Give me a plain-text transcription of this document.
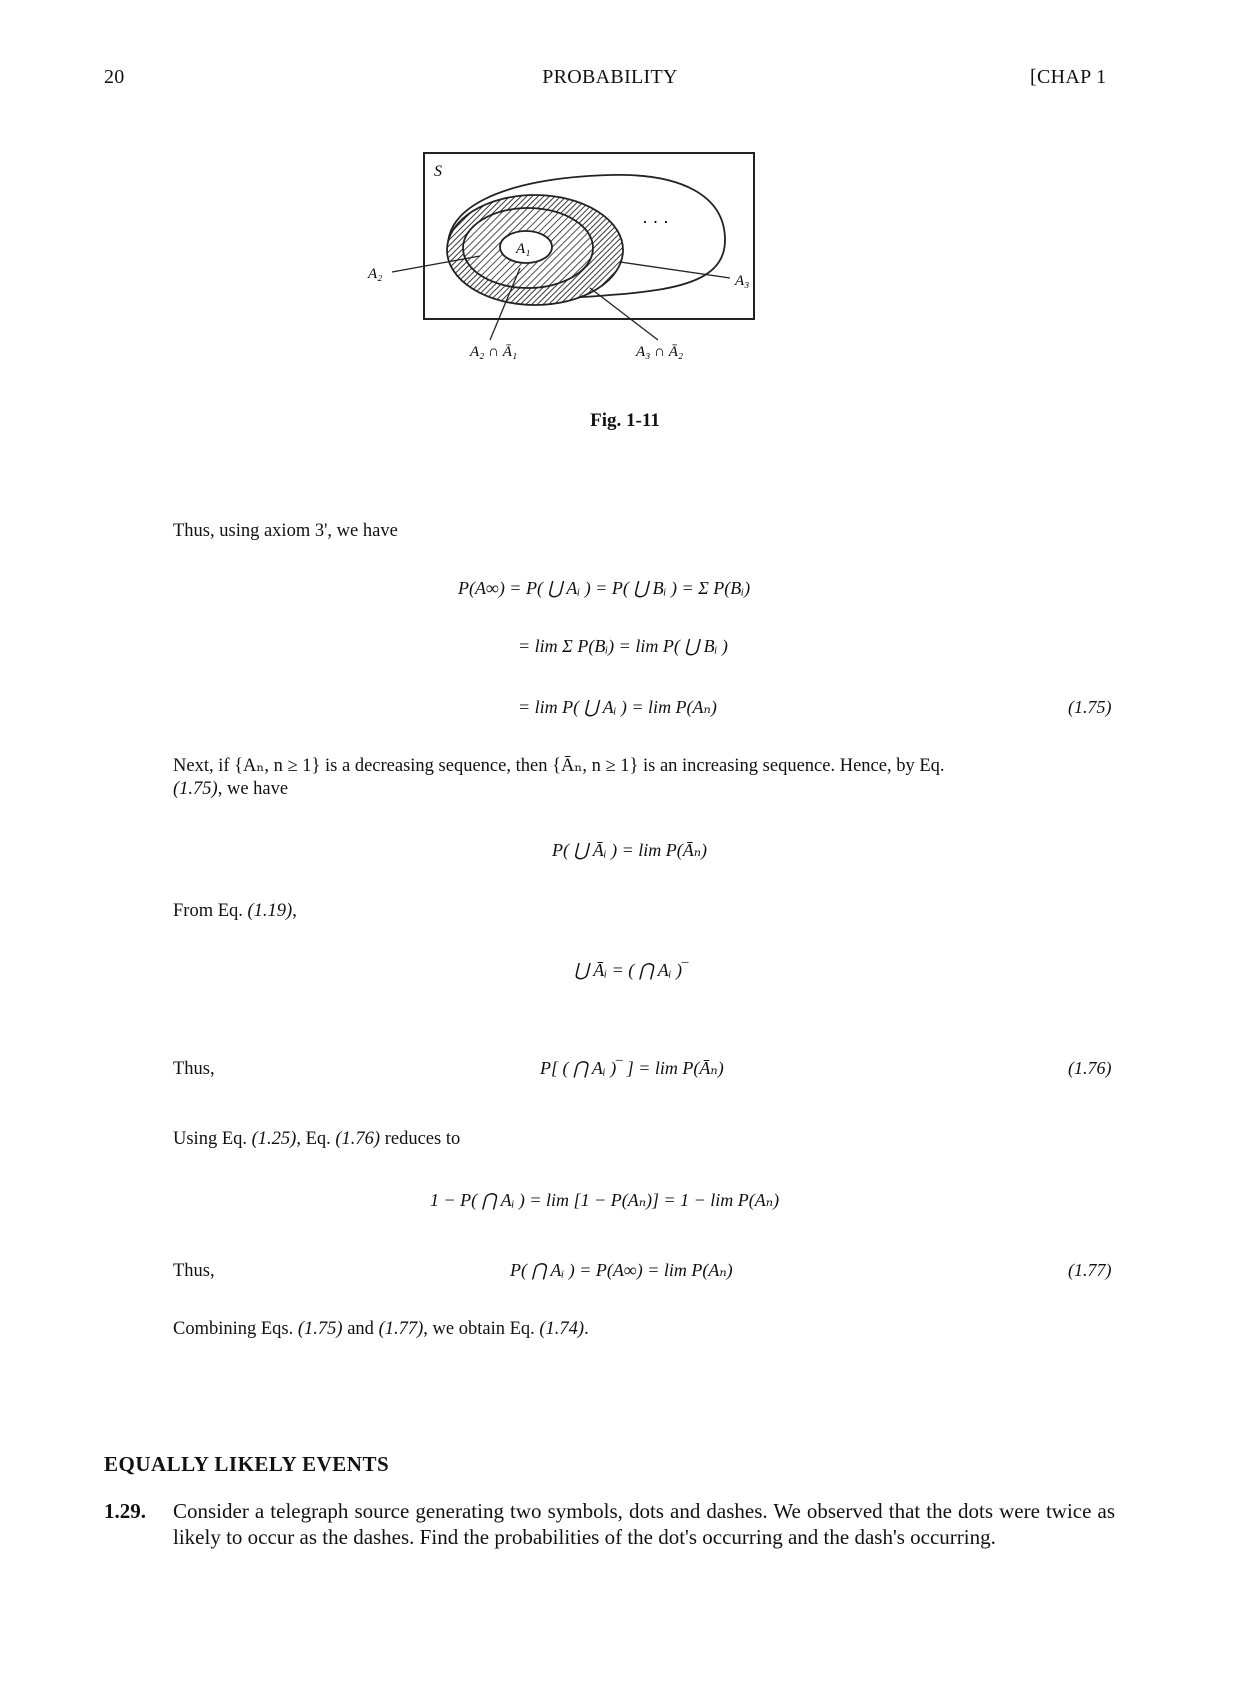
20	PROBABILITY	[CHAP 1
S
A₁
· · ·
A₂	A₃
A₂ ∩ Ā₁	A₃ ∩ Ā₂
Fig. 1-11
Thus, using axiom 3', we have
P(A∞) = P( ⋃ Aᵢ ) = P( ⋃ Bᵢ ) = Σ P(Bᵢ)
= lim Σ P(Bᵢ) = lim P( ⋃ Bᵢ )
= lim P( ⋃ Aᵢ ) = lim P(Aₙ)	(1.75)
Next, if {Aₙ, n ≥ 1} is a decreasing sequence, then {Āₙ, n ≥ 1} is an increasing sequence. Hence, by Eq.
(1.75), we have
P( ⋃ Āᵢ ) = lim P(Āₙ)
From Eq. (1.19),
⋃ Āᵢ = ( ⋂ Aᵢ )‾
Thus,	P[ ( ⋂ Aᵢ )‾ ] = lim P(Āₙ)	(1.76)
Using Eq. (1.25), Eq. (1.76) reduces to
1 − P( ⋂ Aᵢ ) = lim [1 − P(Aₙ)] = 1 − lim P(Aₙ)
Thus,	P( ⋂ Aᵢ ) = P(A∞) = lim P(Aₙ)	(1.77)
Combining Eqs. (1.75) and (1.77), we obtain Eq. (1.74).
EQUALLY LIKELY EVENTS
1.29. Consider a telegraph source generating two symbols, dots and dashes. We observed that the dots were twice as likely to occur as the dashes. Find the probabilities of the dot's occurring and the dash's occurring.
